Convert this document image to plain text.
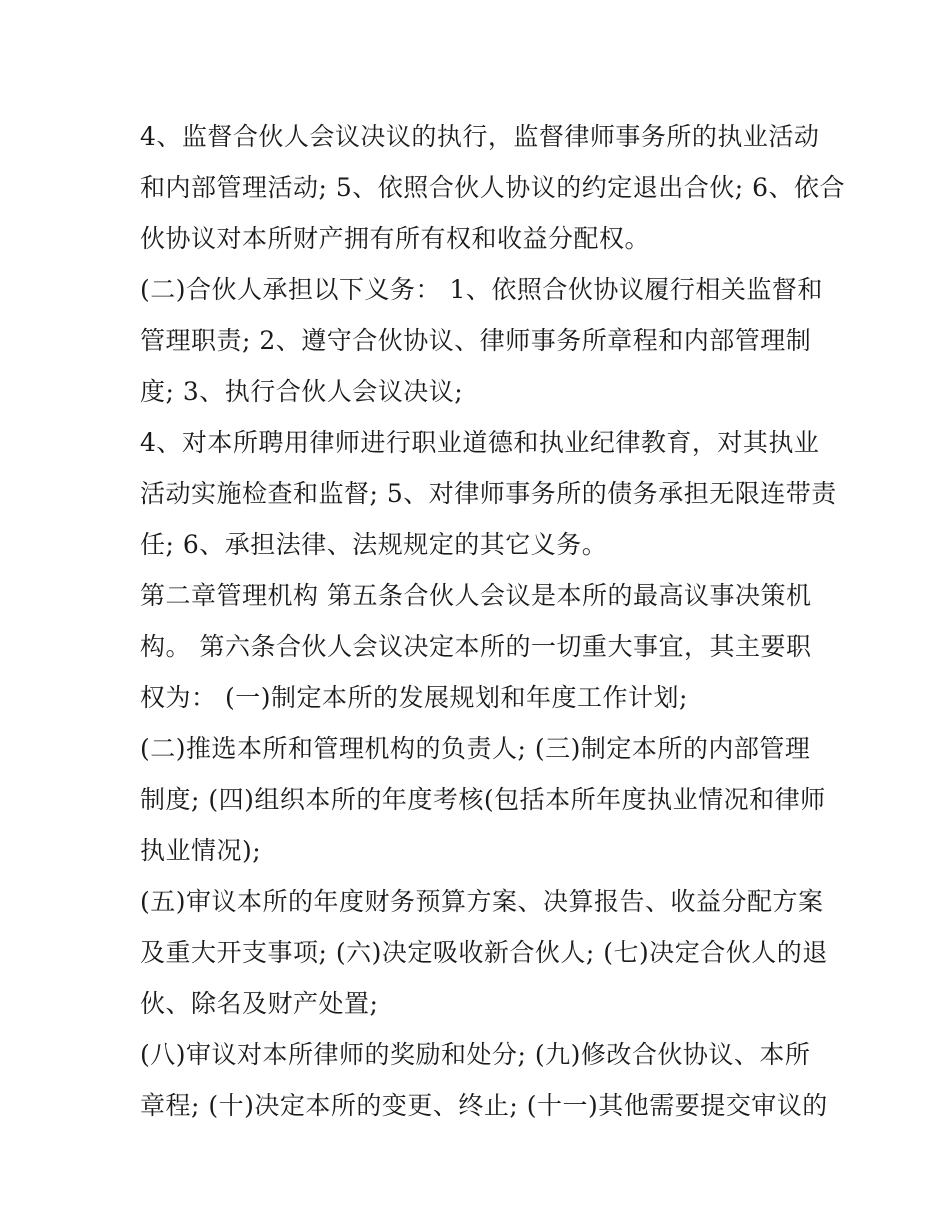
4、监督合伙人会议决议的执行，监督律师事务所的执业活动
和内部管理活动; 5、依照合伙人协议的约定退出合伙; 6、依合
伙协议对本所财产拥有所有权和收益分配权。
(二)合伙人承担以下义务： 1、依照合伙协议履行相关监督和
管理职责; 2、遵守合伙协议、律师事务所章程和内部管理制
度; 3、执行合伙人会议决议;
4、对本所聘用律师进行职业道德和执业纪律教育，对其执业
活动实施检查和监督; 5、对律师事务所的债务承担无限连带责
任; 6、承担法律、法规规定的其它义务。
第二章管理机构 第五条合伙人会议是本所的最高议事决策机
构。 第六条合伙人会议决定本所的一切重大事宜，其主要职
权为： (一)制定本所的发展规划和年度工作计划;
(二)推选本所和管理机构的负责人; (三)制定本所的内部管理
制度; (四)组织本所的年度考核(包括本所年度执业情况和律师
执业情况);
(五)审议本所的年度财务预算方案、决算报告、收益分配方案
及重大开支事项; (六)决定吸收新合伙人; (七)决定合伙人的退
伙、除名及财产处置;
(八)审议对本所律师的奖励和处分; (九)修改合伙协议、本所
章程; (十)决定本所的变更、终止; (十一)其他需要提交审议的
